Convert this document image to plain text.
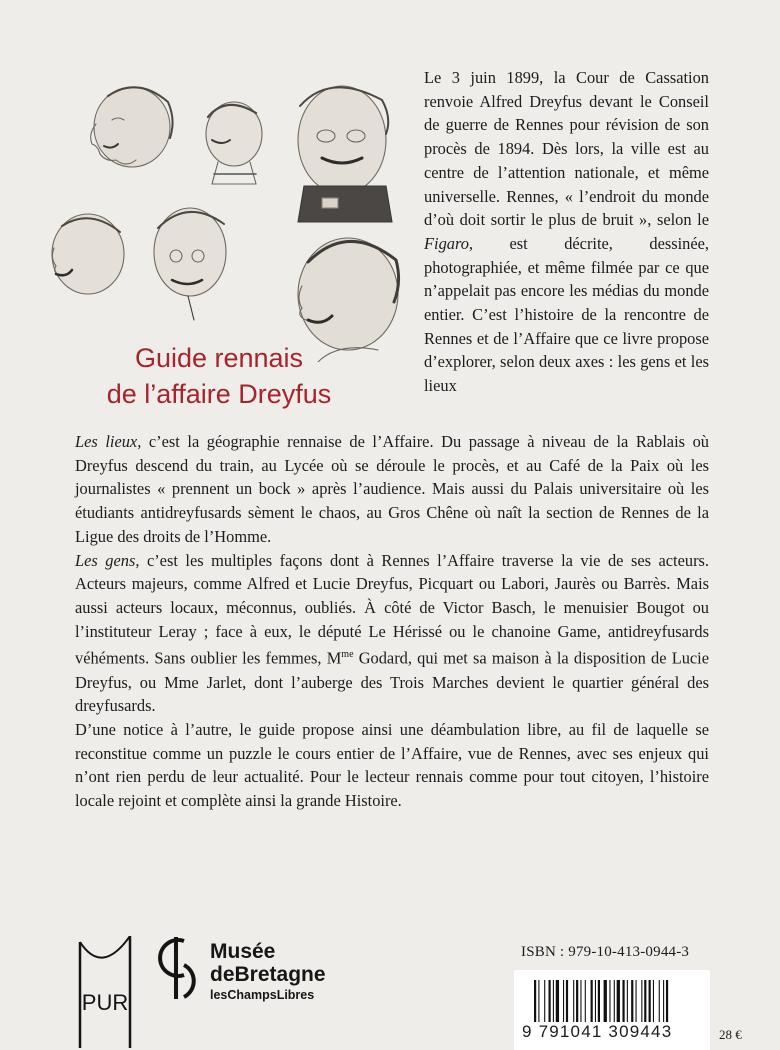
Guide rennais
de l’affaire Dreyfus
Le 3 juin 1899, la Cour de Cassation renvoie Alfred Dreyfus devant le Conseil de guerre de Rennes pour révision de son procès de 1894. Dès lors, la ville est au centre de l’attention nationale, et même universelle. Rennes, « l’endroit du monde d’où doit sortir le plus de bruit », selon le Figaro, est décrite, dessinée, photographiée, et même filmée par ce que n’appelait pas encore les médias du monde entier. C’est l’histoire de la rencontre de Rennes et de l’Affaire que ce livre propose d’explorer, selon deux axes : les gens et les lieux

Les lieux, c’est la géographie rennaise de l’Affaire. Du passage à niveau de la Rablais où Dreyfus descend du train, au Lycée où se déroule le procès, et au Café de la Paix où les journalistes « prennent un bock » après l’audience. Mais aussi du Palais universitaire où les étudiants antidreyfusards sèment le chaos, au Gros Chêne où naît la section de Rennes de la Ligue des droits de l’Homme.

Les gens, c’est les multiples façons dont à Rennes l’Affaire traverse la vie de ses acteurs. Acteurs majeurs, comme Alfred et Lucie Dreyfus, Picquart ou Labori, Jaurès ou Barrès. Mais aussi acteurs locaux, méconnus, oubliés. À côté de Victor Basch, le menuisier Bougot ou l’instituteur Leray ; face à eux, le député Le Hérissé ou le chanoine Game, antidreyfusards véhéments. Sans oublier les femmes, $M^{me}$ Godard, qui met sa maison à la disposition de Lucie Dreyfus, ou Mme Jarlet, dont l’auberge des Trois Marches devient le quartier général des dreyfusards.

D’une notice à l’autre, le guide propose ainsi une déambulation libre, au fil de laquelle se reconstitue comme un puzzle le cours entier de l’Affaire, vue de Rennes, avec ses enjeux qui n’ont rien perdu de leur actualité. Pour le lecteur rennais comme pour tout citoyen, l’histoire locale rejoint et complète ainsi la grande Histoire.

PUR
Musée
deBretagne
lesChampsLibres
ISBN : 979-10-413-0944-3
9 791041 309443	28 €
